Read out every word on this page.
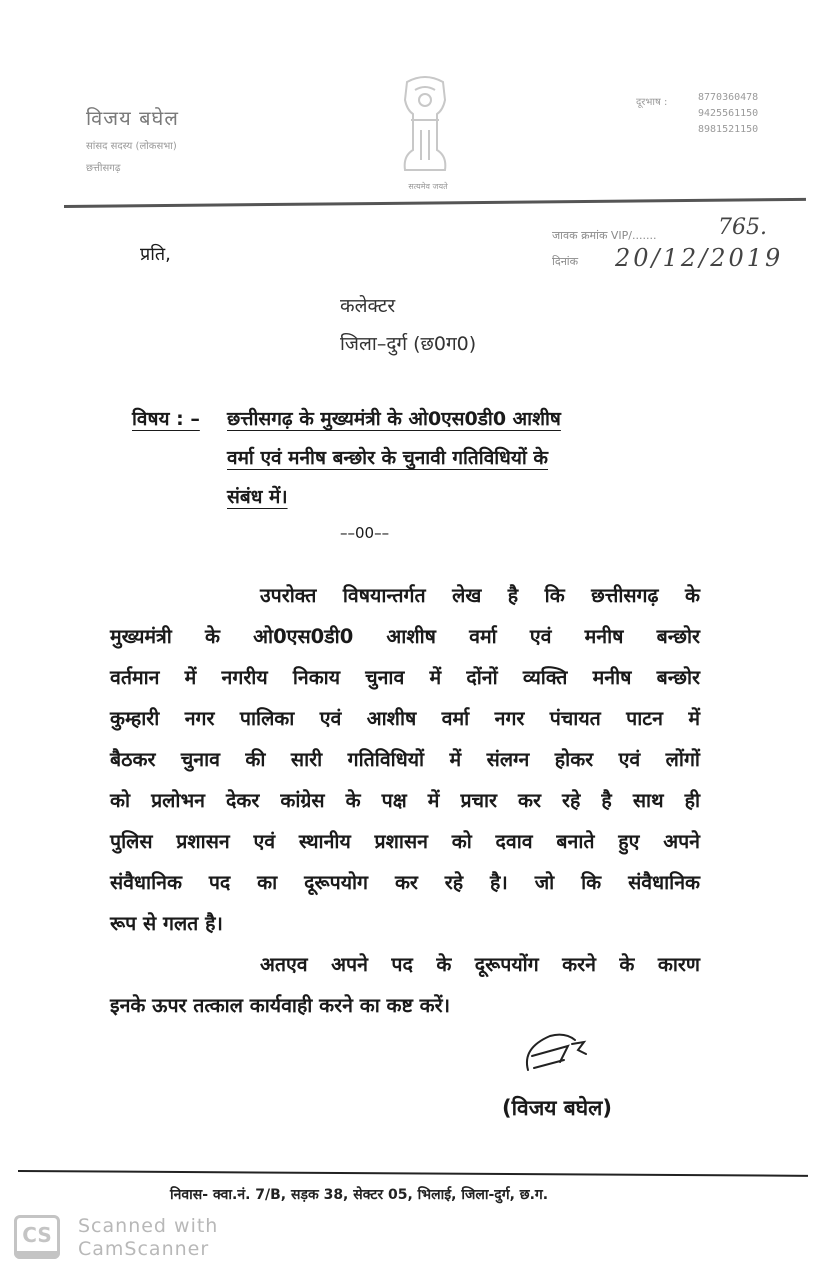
विजय बघेल
सांसद सदस्य (लोकसभा)
छत्तीसगढ़
सत्यमेव जयते
दूरभाष :	8770360478
9425561150
8981521150
प्रति,
जावक क्रमांक VIP/.......	765.
दिनांक 20/12/2019
कलेक्टर
जिला–दुर्ग (छ0ग0)
विषय : – छत्तीसगढ़ के मुख्यमंत्री के ओ0एस0डी0 आशीष
वर्मा एवं मनीष बन्छोर के चुनावी गतिविधियों के
संबंध में।
––00––
उपरोक्त विषयान्तर्गत लेख है कि छत्तीसगढ़ के
मुख्यमंत्री के ओ0एस0डी0 आशीष वर्मा एवं मनीष बन्छोर
वर्तमान में नगरीय निकाय चुनाव में दोंनों व्यक्ति मनीष बन्छोर
कुम्हारी नगर पालिका एवं आशीष वर्मा नगर पंचायत पाटन में
बैठकर चुनाव की सारी गतिविधियों में संलग्न होकर एवं लोंगों
को प्रलोभन देकर कांग्रेस के पक्ष में प्रचार कर रहे है साथ ही
पुलिस प्रशासन एवं स्थानीय प्रशासन को दवाव बनाते हुए अपने
संवैधानिक पद का दूरूपयोग कर रहे है। जो कि संवैधानिक
रूप से गलत है।
अतएव अपने पद के दूरूपयोंग करने के कारण
इनके ऊपर तत्काल कार्यवाही करने का कष्ट करें।
(विजय बघेल)
निवास- क्वा.नं. 7/B, सड़क 38, सेक्टर 05, भिलाई, जिला-दुर्ग, छ.ग.
CS	Scanned with
CamScanner
